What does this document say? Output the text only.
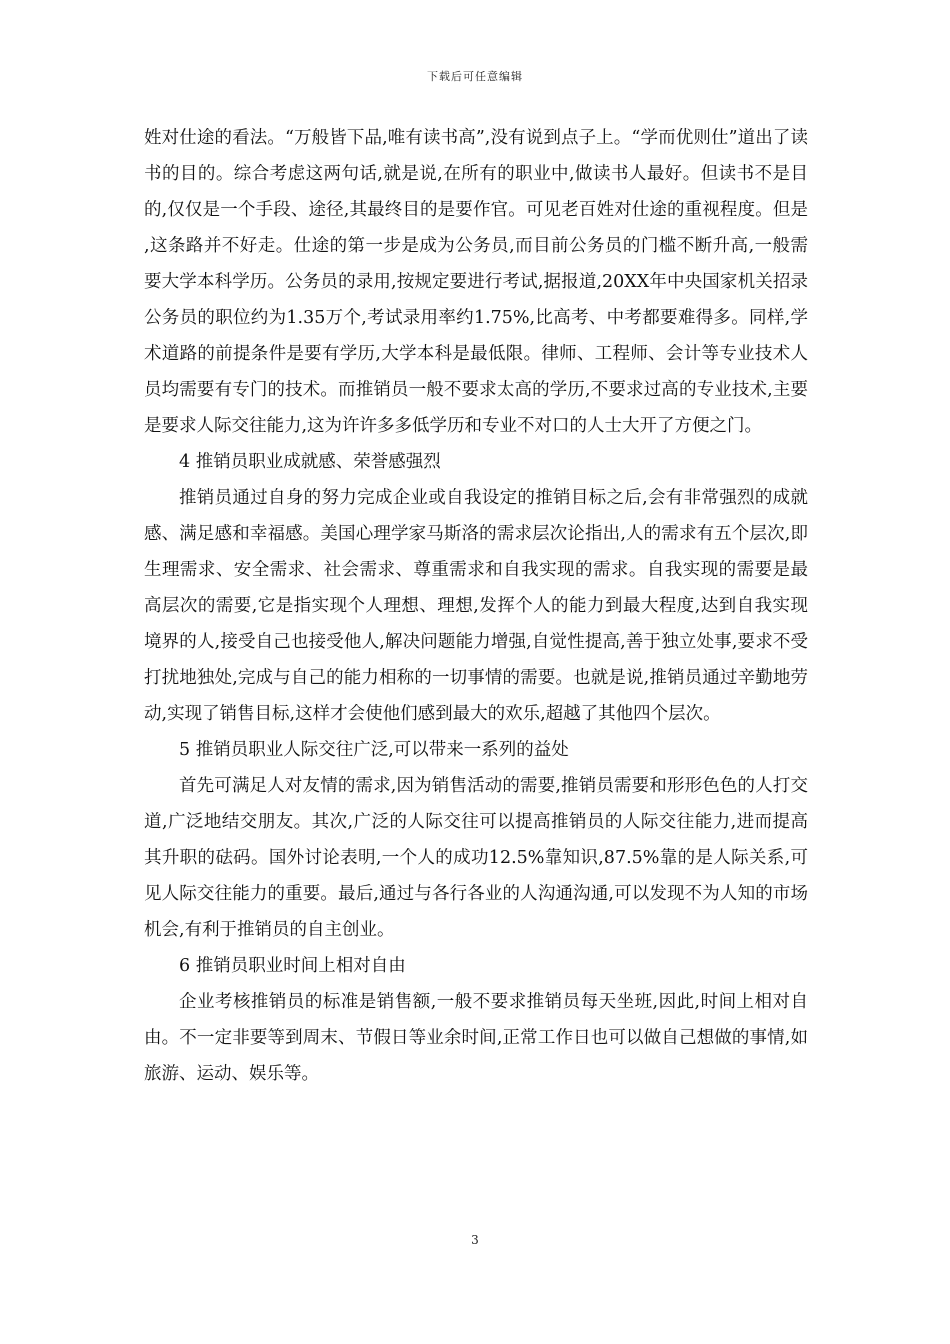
下载后可任意编辑

姓对仕途的看法。“万般皆下品,唯有读书高”,没有说到点子上。“学而优则仕”道出了读书的目的。综合考虑这两句话,就是说,在所有的职业中,做读书人最好。但读书不是目的,仅仅是一个手段、途径,其最终目的是要作官。可见老百姓对仕途的重视程度。但是,这条路并不好走。仕途的第一步是成为公务员,而目前公务员的门槛不断升高,一般需要大学本科学历。公务员的录用,按规定要进行考试,据报道,20XX年中央国家机关招录公务员的职位约为1.35万个,考试录用率约1.75%,比高考、中考都要难得多。同样,学术道路的前提条件是要有学历,大学本科是最低限。律师、工程师、会计等专业技术人员均需要有专门的技术。而推销员一般不要求太高的学历,不要求过高的专业技术,主要是要求人际交往能力,这为许许多多低学历和专业不对口的人士大开了方便之门。

4 推销员职业成就感、荣誉感强烈

推销员通过自身的努力完成企业或自我设定的推销目标之后,会有非常强烈的成就感、满足感和幸福感。美国心理学家马斯洛的需求层次论指出,人的需求有五个层次,即生理需求、安全需求、社会需求、尊重需求和自我实现的需求。自我实现的需要是最高层次的需要,它是指实现个人理想、理想,发挥个人的能力到最大程度,达到自我实现境界的人,接受自己也接受他人,解决问题能力增强,自觉性提高,善于独立处事,要求不受打扰地独处,完成与自己的能力相称的一切事情的需要。也就是说,推销员通过辛勤地劳动,实现了销售目标,这样才会使他们感到最大的欢乐,超越了其他四个层次。

5 推销员职业人际交往广泛,可以带来一系列的益处

首先可满足人对友情的需求,因为销售活动的需要,推销员需要和形形色色的人打交道,广泛地结交朋友。其次,广泛的人际交往可以提高推销员的人际交往能力,进而提高其升职的砝码。国外讨论表明,一个人的成功12.5%靠知识,87.5%靠的是人际关系,可见人际交往能力的重要。最后,通过与各行各业的人沟通沟通,可以发现不为人知的市场机会,有利于推销员的自主创业。

6 推销员职业时间上相对自由

企业考核推销员的标准是销售额,一般不要求推销员每天坐班,因此,时间上相对自由。不一定非要等到周末、节假日等业余时间,正常工作日也可以做自己想做的事情,如旅游、运动、娱乐等。

3
